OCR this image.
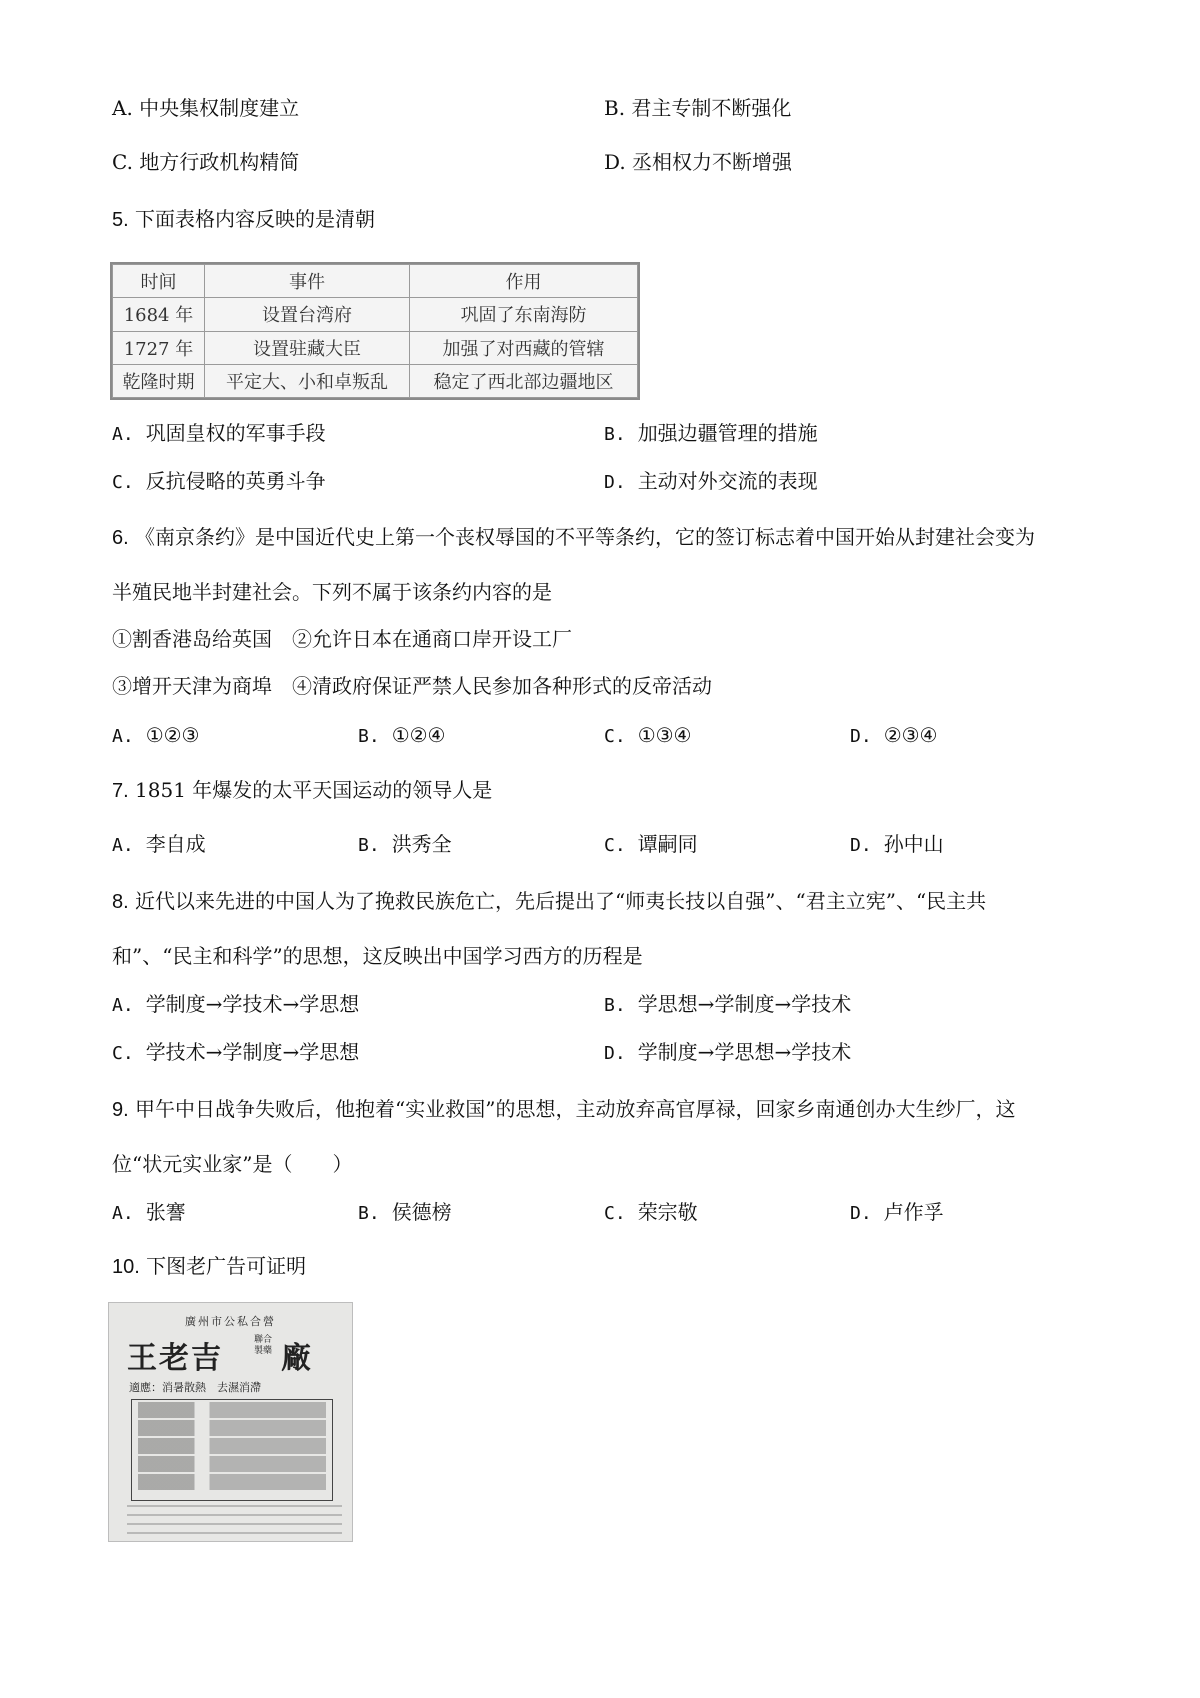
A. 中央集权制度建立	B. 君主专制不断强化
C. 地方行政机构精简	D. 丞相权力不断增强
5. 下面表格内容反映的是清朝
时间	事件	作用
1684 年	设置台湾府	巩固了东南海防
1727 年	设置驻藏大臣	加强了对西藏的管辖
乾隆时期	平定大、小和卓叛乱	稳定了西北部边疆地区
A. 巩固皇权的军事手段	B. 加强边疆管理的措施
C. 反抗侵略的英勇斗争	D. 主动对外交流的表现
6. 《南京条约》是中国近代史上第一个丧权辱国的不平等条约，它的签订标志着中国开始从封建社会变为
半殖民地半封建社会。下列不属于该条约内容的是
①割香港岛给英国　②允许日本在通商口岸开设工厂
③增开天津为商埠　④清政府保证严禁人民参加各种形式的反帝活动
A. ①②③	B. ①②④	C. ①③④	D. ②③④
7. 1851 年爆发的太平天国运动的领导人是
A. 李自成	B. 洪秀全	C. 谭嗣同	D. 孙中山
8. 近代以来先进的中国人为了挽救民族危亡，先后提出了“师夷长技以自强”、“君主立宪”、“民主共
和”、“民主和科学”的思想，这反映出中国学习西方的历程是
A. 学制度→学技术→学思想	B. 学思想→学制度→学技术
C. 学技术→学制度→学思想	D. 学制度→学思想→学技术
9. 甲午中日战争失败后，他抱着“实业救国”的思想，主动放弃高官厚禄，回家乡南通创办大生纱厂，这
位“状元实业家”是（　　）
A. 张謇	B. 侯德榜	C. 荣宗敬	D. 卢作孚
10. 下图老广告可证明
廣州市公私合營
王老吉
聯合製藥 廠
適應：消暑散熱　去濕消滯
